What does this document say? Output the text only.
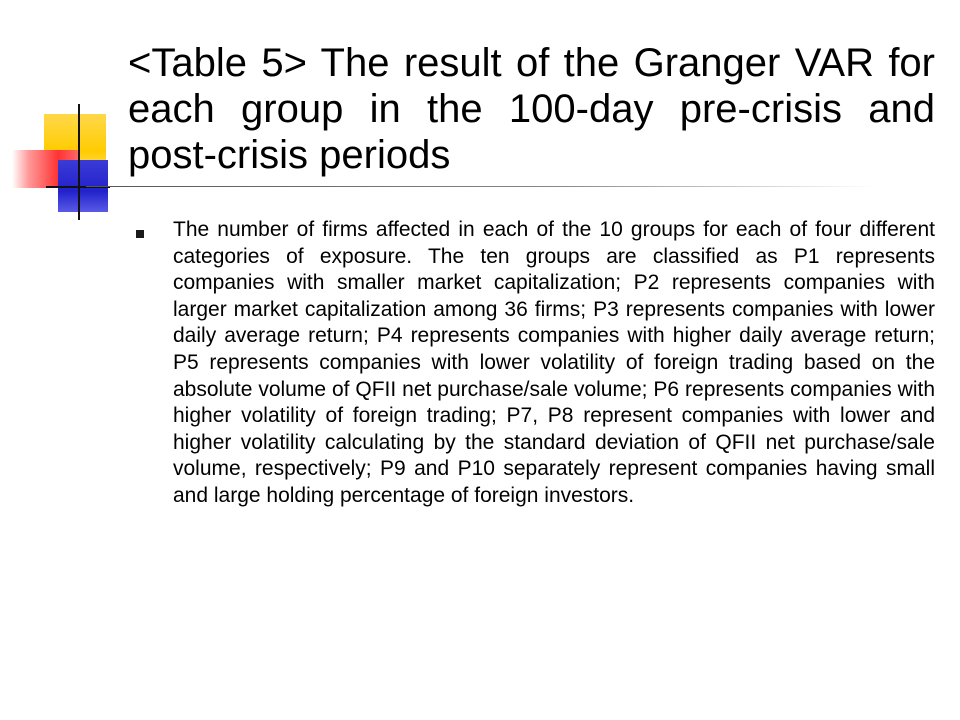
<Table 5> The result of the Granger VAR for each group in the 100-day pre-crisis and post-crisis periods
The number of firms affected in each of the 10 groups for each of four different categories of exposure. The ten groups are classified as P1 represents companies with smaller market capitalization; P2 represents companies with larger market capitalization among 36 firms; P3 represents companies with lower daily average return; P4 represents companies with higher daily average return; P5 represents companies with lower volatility of foreign trading based on the absolute volume of QFII net purchase/sale volume; P6 represents companies with higher volatility of foreign trading; P7, P8 represent companies with lower and higher volatility calculating by the standard deviation of QFII net purchase/sale volume, respectively; P9 and P10 separately represent companies having small and large holding percentage of foreign investors.
